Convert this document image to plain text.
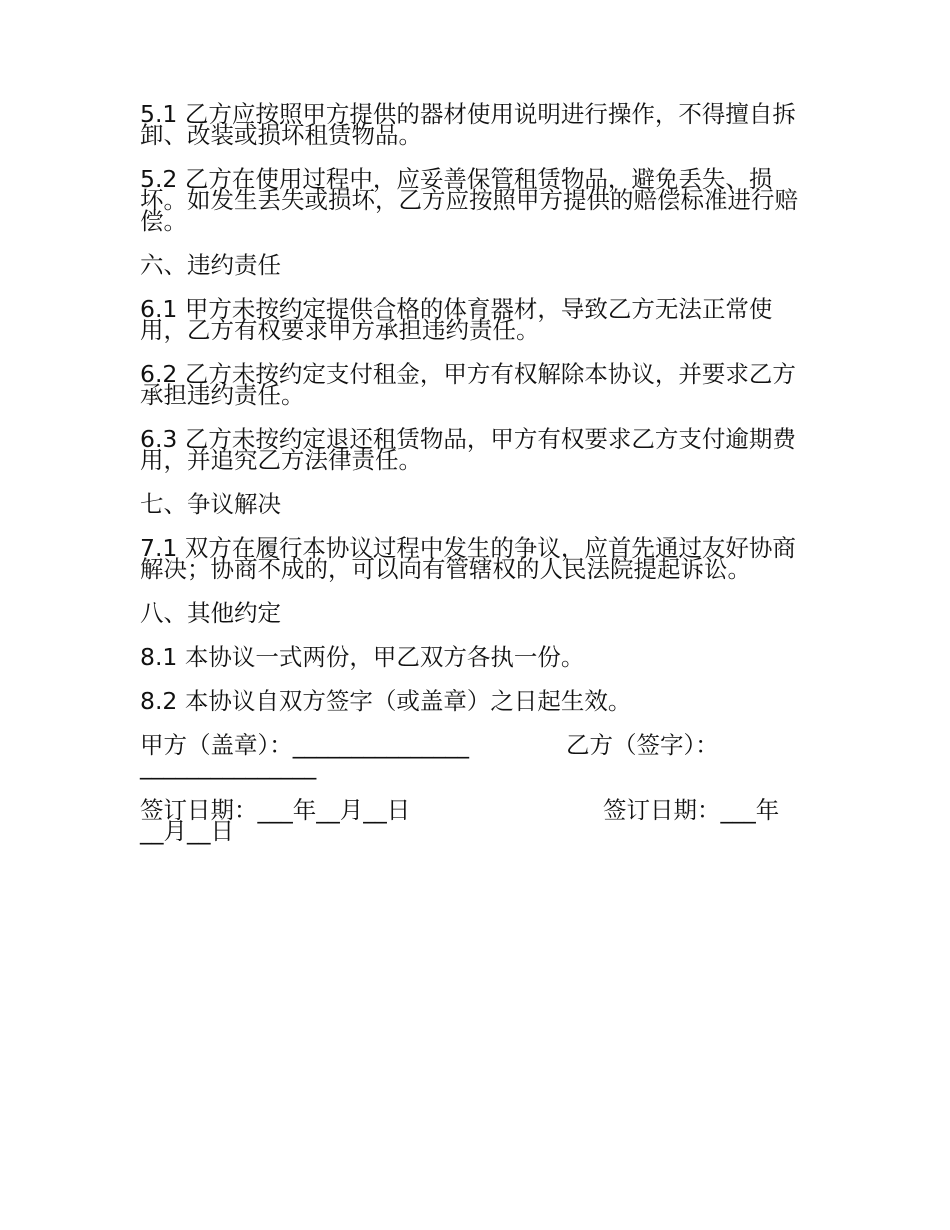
5.1 乙方应按照甲方提供的器材使用说明进行操作，不得擅自拆卸、改装或损坏租赁物品。

5.2 乙方在使用过程中，应妥善保管租赁物品，避免丢失、损坏。如发生丢失或损坏，乙方应按照甲方提供的赔偿标准进行赔偿。

六、违约责任

6.1 甲方未按约定提供合格的体育器材，导致乙方无法正常使用，乙方有权要求甲方承担违约责任。

6.2 乙方未按约定支付租金，甲方有权解除本协议，并要求乙方承担违约责任。

6.3 乙方未按约定退还租赁物品，甲方有权要求乙方支付逾期费用，并追究乙方法律责任。

七、争议解决

7.1 双方在履行本协议过程中发生的争议，应首先通过友好协商解决；协商不成的，可以向有管辖权的人民法院提起诉讼。

八、其他约定

8.1 本协议一式两份，甲乙双方各执一份。

8.2 本协议自双方签字（或盖章）之日起生效。

甲方（盖章）：_______________	乙方（签字）：
_______________
签订日期：___年__月__日	签订日期：___年
__月__日
